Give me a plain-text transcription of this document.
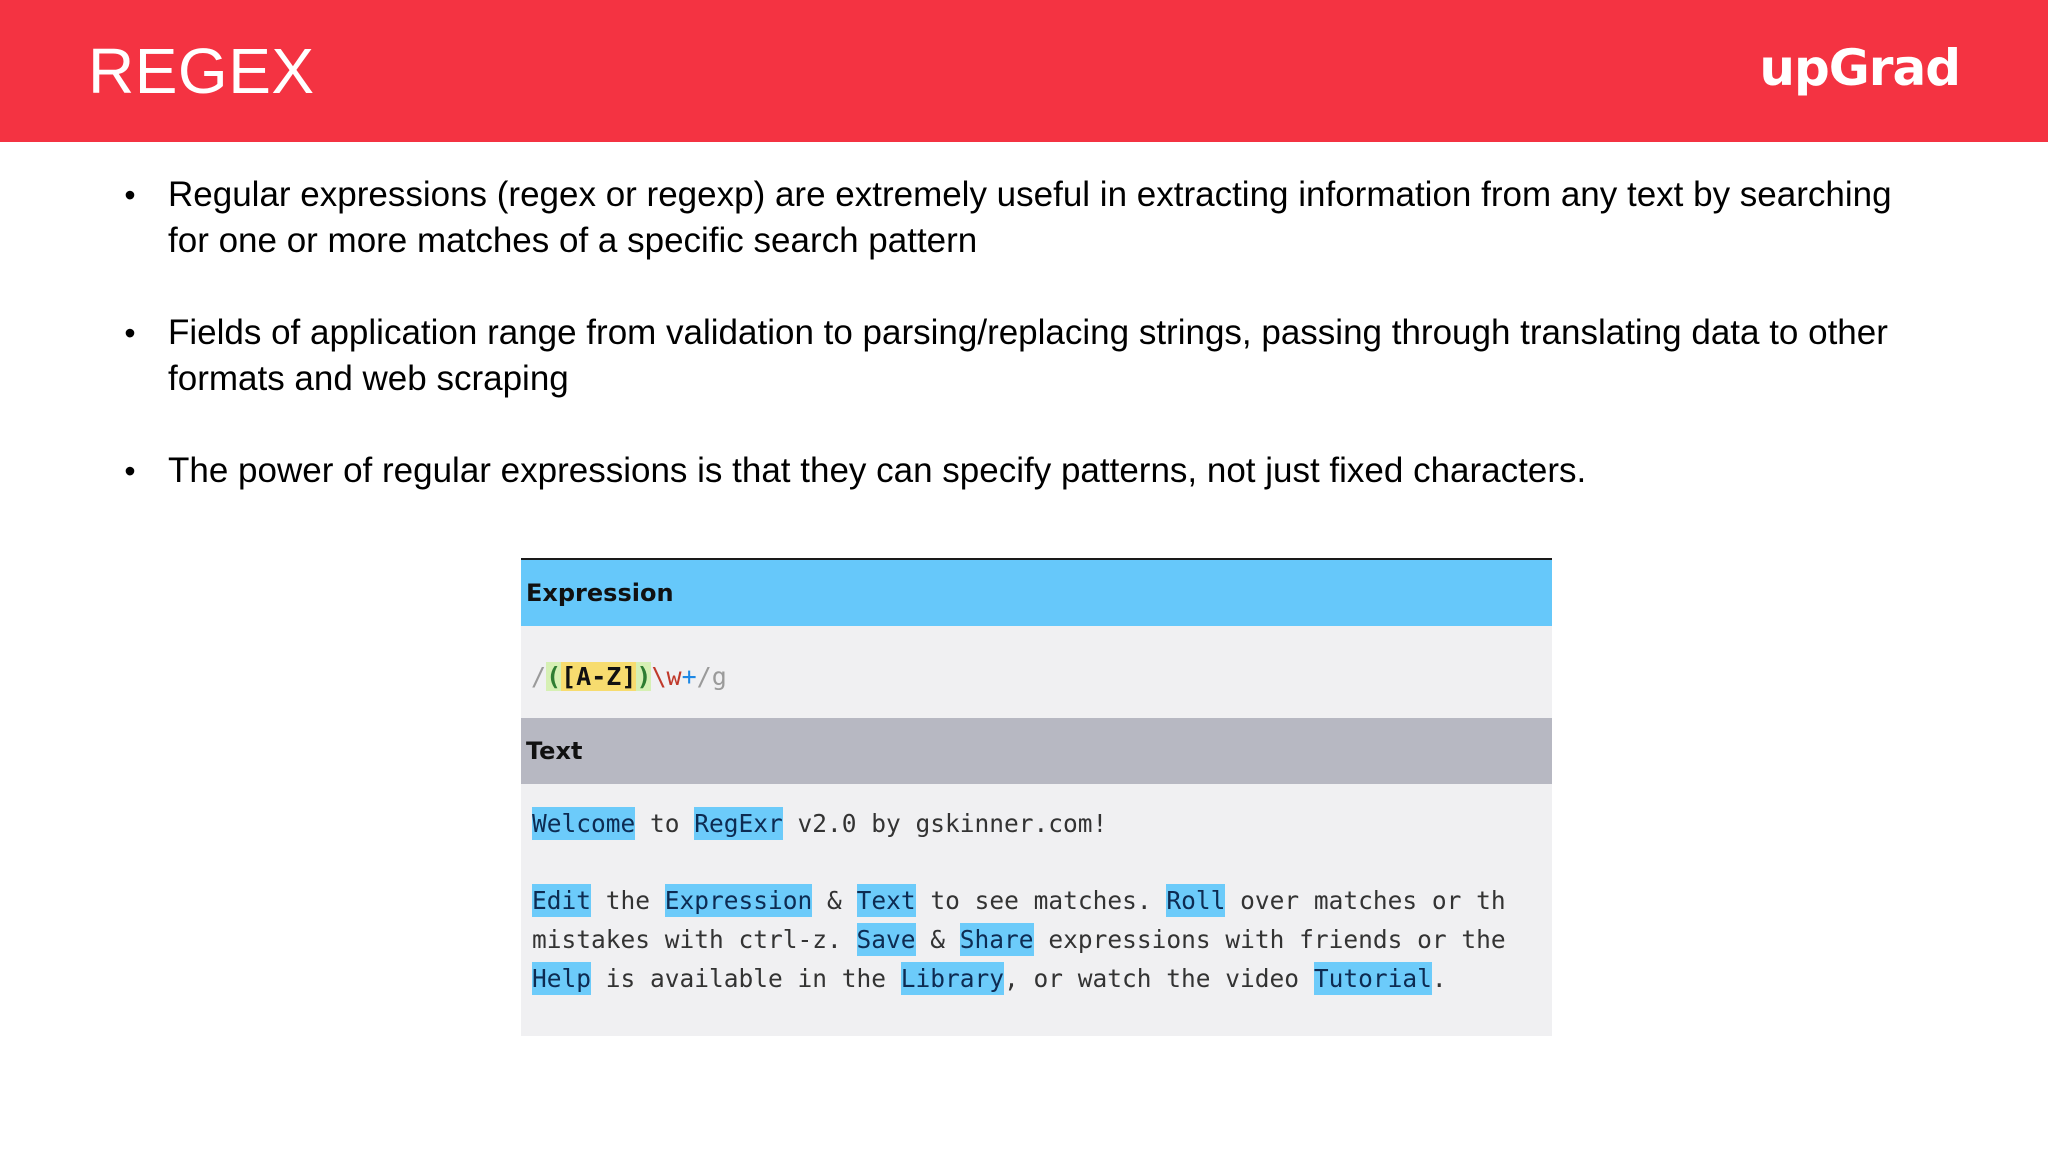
REGEX	upGrad
• Regular expressions (regex or regexp) are extremely useful in extracting information from any text by searching for one or more matches of a specific search pattern
• Fields of application range from validation to parsing/replacing strings, passing through translating data to other formats and web scraping
• The power of regular expressions is that they can specify patterns, not just fixed characters.
Expression
/([A-Z])\w+/g
Text
Welcome to RegExr v2.0 by gskinner.com!
Edit the Expression & Text to see matches. Roll over matches or th
mistakes with ctrl-z. Save & Share expressions with friends or the
Help is available in the Library, or watch the video Tutorial.
